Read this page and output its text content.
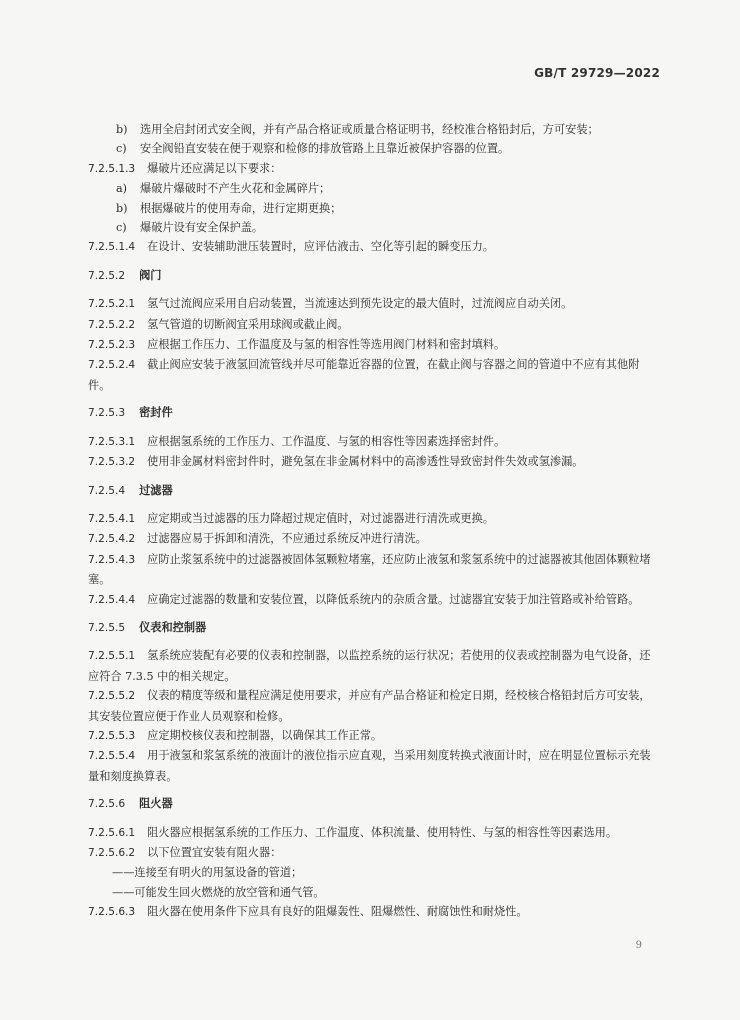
GB/T 29729—2022
b) 选用全启封闭式安全阀，并有产品合格证或质量合格证明书，经校准合格铅封后，方可安装；
c) 安全阀铅直安装在便于观察和检修的排放管路上且靠近被保护容器的位置。
7.2.5.1.3 爆破片还应满足以下要求：
a) 爆破片爆破时不产生火花和金属碎片；
b) 根据爆破片的使用寿命，进行定期更换；
c) 爆破片设有安全保护盖。
7.2.5.1.4 在设计、安装辅助泄压装置时，应评估液击、空化等引起的瞬变压力。
7.2.5.2 阀门
7.2.5.2.1 氢气过流阀应采用自启动装置，当流速达到预先设定的最大值时，过流阀应自动关闭。
7.2.5.2.2 氢气管道的切断阀宜采用球阀或截止阀。
7.2.5.2.3 应根据工作压力、工作温度及与氢的相容性等选用阀门材料和密封填料。
7.2.5.2.4 截止阀应安装于液氢回流管线并尽可能靠近容器的位置，在截止阀与容器之间的管道中不应有其他附件。
7.2.5.3 密封件
7.2.5.3.1 应根据氢系统的工作压力、工作温度、与氢的相容性等因素选择密封件。
7.2.5.3.2 使用非金属材料密封件时，避免氢在非金属材料中的高渗透性导致密封件失效或氢渗漏。
7.2.5.4 过滤器
7.2.5.4.1 应定期或当过滤器的压力降超过规定值时，对过滤器进行清洗或更换。
7.2.5.4.2 过滤器应易于拆卸和清洗，不应通过系统反冲进行清洗。
7.2.5.4.3 应防止浆氢系统中的过滤器被固体氢颗粒堵塞，还应防止液氢和浆氢系统中的过滤器被其他固体颗粒堵塞。
7.2.5.4.4 应确定过滤器的数量和安装位置，以降低系统内的杂质含量。过滤器宜安装于加注管路或补给管路。
7.2.5.5 仪表和控制器
7.2.5.5.1 氢系统应装配有必要的仪表和控制器，以监控系统的运行状况；若使用的仪表或控制器为电气设备，还应符合 7.3.5 中的相关规定。
7.2.5.5.2 仪表的精度等级和量程应满足使用要求，并应有产品合格证和检定日期，经校核合格铅封后方可安装，其安装位置应便于作业人员观察和检修。
7.2.5.5.3 应定期校核仪表和控制器，以确保其工作正常。
7.2.5.5.4 用于液氢和浆氢系统的液面计的液位指示应直观，当采用刻度转换式液面计时，应在明显位置标示充装量和刻度换算表。
7.2.5.6 阻火器
7.2.5.6.1 阻火器应根据氢系统的工作压力、工作温度、体积流量、使用特性、与氢的相容性等因素选用。
7.2.5.6.2 以下位置宜安装有阻火器：
——连接至有明火的用氢设备的管道；
——可能发生回火燃烧的放空管和通气管。
7.2.5.6.3 阻火器在使用条件下应具有良好的阻爆轰性、阻爆燃性、耐腐蚀性和耐烧性。
9
